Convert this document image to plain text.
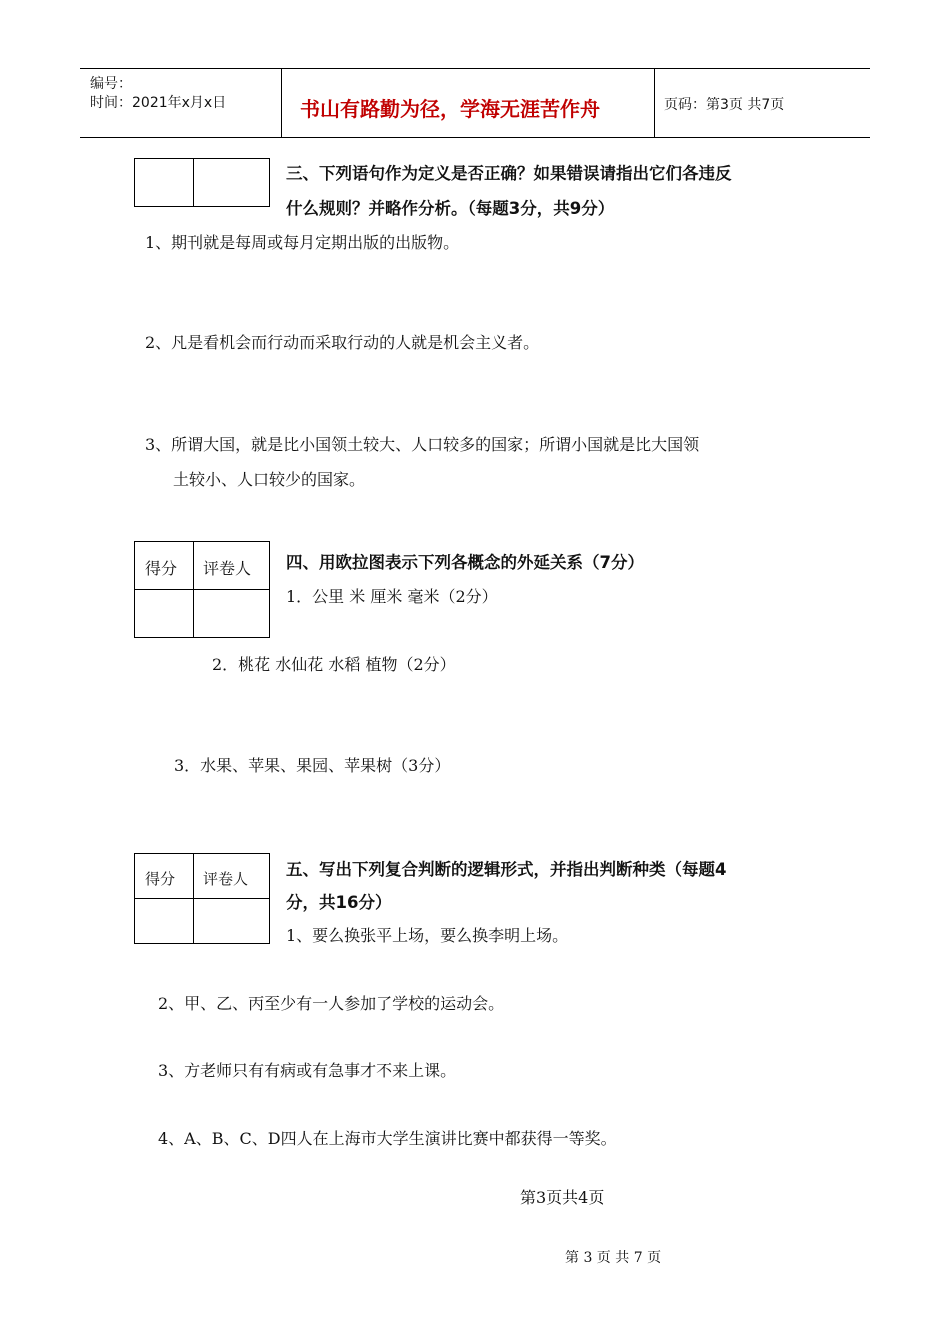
编号：
时间：2021年x月x日	书山有路勤为径，学海无涯苦作舟	页码：第3页 共7页
三、下列语句作为定义是否正确？如果错误请指出它们各违反
什么规则？并略作分析。（每题3分，共9分）
1、期刊就是每周或每月定期出版的出版物。
2、凡是看机会而行动而采取行动的人就是机会主义者。
3、所谓大国，就是比小国领土较大、人口较多的国家；所谓小国就是比大国领
土较小、人口较少的国家。
得分 评卷人 四、用欧拉图表示下列各概念的外延关系（7分）
1．公里 米 厘米 毫米（2分）
2．桃花 水仙花 水稻 植物（2分）
3．水果、苹果、果园、苹果树（3分）
得分 评卷人 五、写出下列复合判断的逻辑形式，并指出判断种类（每题4
分，共16分）
1、要么换张平上场，要么换李明上场。
2、甲、乙、丙至少有一人参加了学校的运动会。
3、方老师只有有病或有急事才不来上课。
4、A、B、C、D四人在上海市大学生演讲比赛中都获得一等奖。
第3页共4页
第 3 页 共 7 页
